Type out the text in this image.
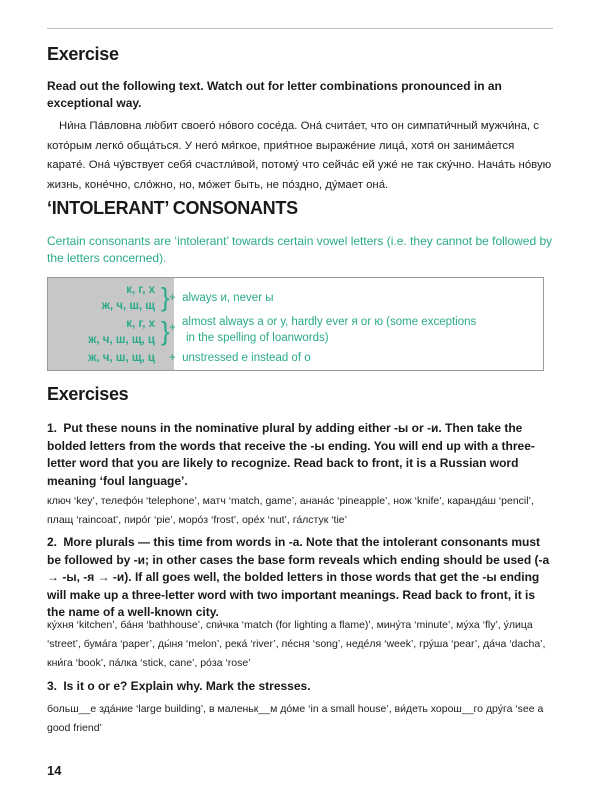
Exercise

Read out the following text. Watch out for letter combinations pronounced in an exceptional way.

Ни́на Па́вловна лю́бит своего́ но́вого сосе́да. Она́ счита́ет, что он симпати́чный мужчи́на, с кото́рым легко́ обща́ться. У него́ мя́гкое, прия́тное выраже́ние лица́, хотя́ он занима́ется карате́. Она́ чу́вствует себя́ счастли́вой, потому́ что сейча́с ей уже́ не так ску́чно. Нача́ть но́вую жизнь, коне́чно, сло́жно, но, мо́жет быть, не по́здно, ду́мает она́.

‘INTOLERANT’ CONSONANTS

Certain consonants are ‘intolerant’ towards certain vowel letters (i.e. they cannot be followed by the letters concerned).

к, г, х
ж, ч, ш, щ } +  always и, never ы
к, г, х
ж, ч, ш, щ, ц } + almost always а or у, hardly ever я or ю (some exceptions
in the spelling of loanwords)
ж, ч, ш, щ, ц +  unstressed е instead of о
Exercises

1. Put these nouns in the nominative plural by adding either -ы or -и. Then take the bolded letters from the words that receive the -ы ending. You will end up with a three-letter word that you are likely to recognize. Read back to front, it is a Russian word meaning ‘foul language’.

ключ ‘key’, телефо́н ‘telephone’, матч ‘match, game’, анана́с ‘pineapple’, нож ‘knife’, каранда́ш ‘pencil’, плащ ‘raincoat’, пиро́г ‘pie’, моро́з ‘frost’, оре́х ‘nut’, га́лстук ‘tie’

2. More plurals — this time from words in -а. Note that the intolerant consonants must be followed by -и; in other cases the base form reveals which ending should be used (-а → -ы, -я → -и). If all goes well, the bolded letters in those words that get the -ы ending will make up a three-letter word with two important meanings. Read back to front, it is the name of a well-known city.

ку́хня ‘kitchen’, ба́ня ‘bathhouse’, спи́чка ‘match (for lighting a flame)’, мину́та ‘minute’, му́ха ‘fly’, у́лица ‘street’, бума́га ‘paper’, ды́ня ‘melon’, река́ ‘river’, пе́сня ‘song’, неде́ля ‘week’, гру́ша ‘pear’, да́ча ‘dacha’, кни́га ‘book’, па́лка ‘stick, cane’, ро́за ‘rose’

3. Is it о or е? Explain why. Mark the stresses.

больш__е зда́ние ‘large building’, в маленьк__м до́ме ‘in a small house’, ви́деть хорош__го дру́га ‘see a good friend’

14
